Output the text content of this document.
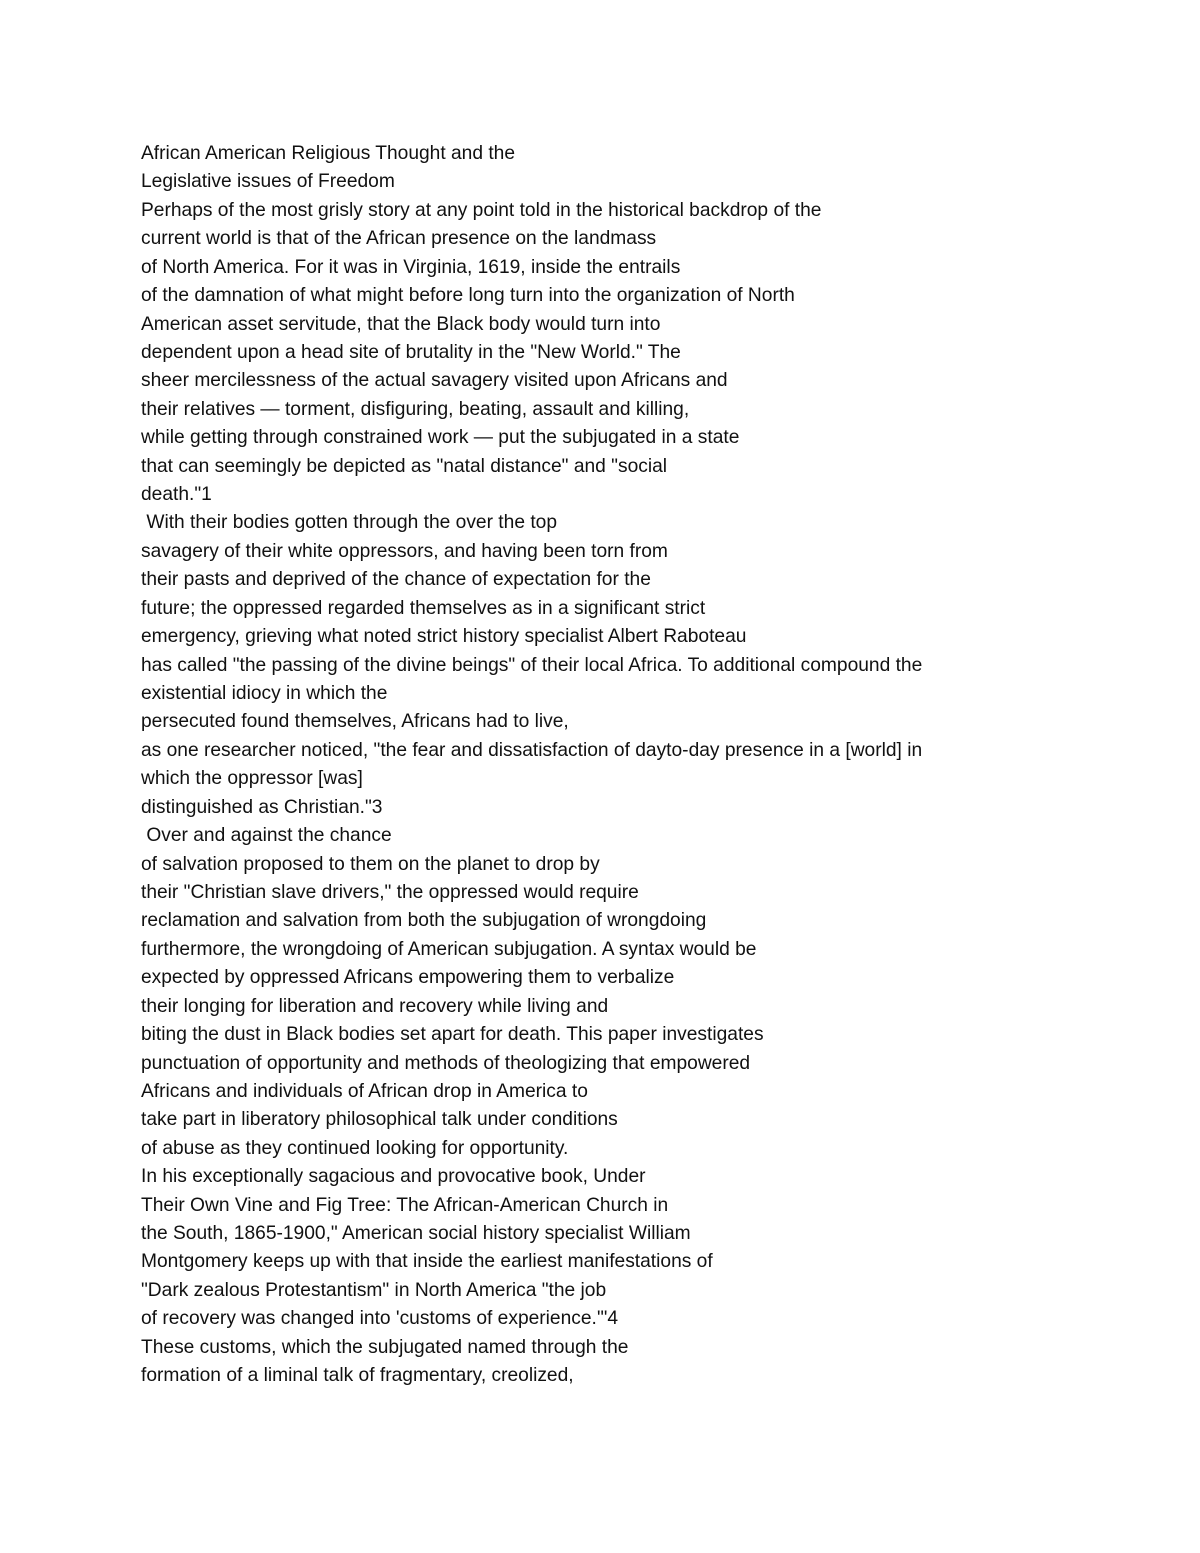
African American Religious Thought and the
Legislative issues of Freedom
Perhaps of the most grisly story at any point told in the historical backdrop of the
current world is that of the African presence on the landmass
of North America. For it was in Virginia, 1619, inside the entrails
of the damnation of what might before long turn into the organization of North
American asset servitude, that the Black body would turn into
dependent upon a head site of brutality in the "New World." The
sheer mercilessness of the actual savagery visited upon Africans and
their relatives — torment, disfiguring, beating, assault and killing,
while getting through constrained work — put the subjugated in a state
that can seemingly be depicted as "natal distance" and "social
death."1
With their bodies gotten through the over the top
savagery of their white oppressors, and having been torn from
their pasts and deprived of the chance of expectation for the
future; the oppressed regarded themselves as in a significant strict
emergency, grieving what noted strict history specialist Albert Raboteau
has called "the passing of the divine beings" of their local Africa. To additional compound the
existential idiocy in which the
persecuted found themselves, Africans had to live,
as one researcher noticed, "the fear and dissatisfaction of dayto-day presence in a [world] in
which the oppressor [was]
distinguished as Christian."3
Over and against the chance
of salvation proposed to them on the planet to drop by
their "Christian slave drivers," the oppressed would require
reclamation and salvation from both the subjugation of wrongdoing
furthermore, the wrongdoing of American subjugation. A syntax would be
expected by oppressed Africans empowering them to verbalize
their longing for liberation and recovery while living and
biting the dust in Black bodies set apart for death. This paper investigates
punctuation of opportunity and methods of theologizing that empowered
Africans and individuals of African drop in America to
take part in liberatory philosophical talk under conditions
of abuse as they continued looking for opportunity.
In his exceptionally sagacious and provocative book, Under
Their Own Vine and Fig Tree: The African-American Church in
the South, 1865-1900," American social history specialist William
Montgomery keeps up with that inside the earliest manifestations of
"Dark zealous Protestantism" in North America "the job
of recovery was changed into 'customs of experience.'"4
These customs, which the subjugated named through the
formation of a liminal talk of fragmentary, creolized,
